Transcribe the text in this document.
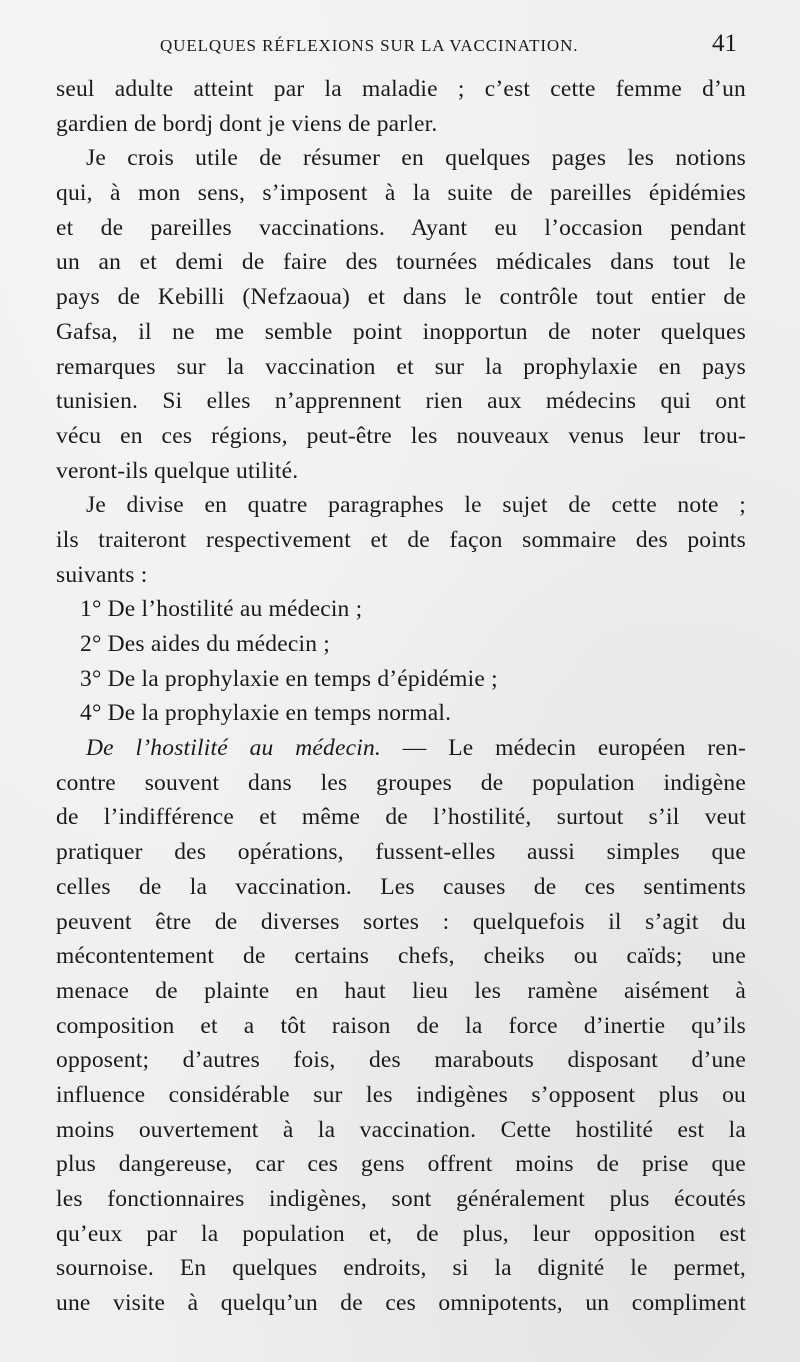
QUELQUES RÉFLEXIONS SUR LA VACCINATION.	41
seul adulte atteint par la maladie ; c’est cette femme d’un
gardien de bordj dont je viens de parler.
Je crois utile de résumer en quelques pages les notions
qui, à mon sens, s’imposent à la suite de pareilles épidémies
et de pareilles vaccinations. Ayant eu l’occasion pendant
un an et demi de faire des tournées médicales dans tout le
pays de Kebilli (Nefzaoua) et dans le contrôle tout entier de
Gafsa, il ne me semble point inopportun de noter quelques
remarques sur la vaccination et sur la prophylaxie en pays
tunisien. Si elles n’apprennent rien aux médecins qui ont
vécu en ces régions, peut-être les nouveaux venus leur trou-
veront-ils quelque utilité.
Je divise en quatre paragraphes le sujet de cette note ;
ils traiteront respectivement et de façon sommaire des points
suivants :
1° De l’hostilité au médecin ;
2° Des aides du médecin ;
3° De la prophylaxie en temps d’épidémie ;
4° De la prophylaxie en temps normal.
De l’hostilité au médecin. — Le médecin européen ren-
contre souvent dans les groupes de population indigène
de l’indifférence et même de l’hostilité, surtout s’il veut
pratiquer des opérations, fussent-elles aussi simples que
celles de la vaccination. Les causes de ces sentiments
peuvent être de diverses sortes : quelquefois il s’agit du
mécontentement de certains chefs, cheiks ou caïds; une
menace de plainte en haut lieu les ramène aisément à
composition et a tôt raison de la force d’inertie qu’ils
opposent; d’autres fois, des marabouts disposant d’une
influence considérable sur les indigènes s’opposent plus ou
moins ouvertement à la vaccination. Cette hostilité est la
plus dangereuse, car ces gens offrent moins de prise que
les fonctionnaires indigènes, sont généralement plus écoutés
qu’eux par la population et, de plus, leur opposition est
sournoise. En quelques endroits, si la dignité le permet,
une visite à quelqu’un de ces omnipotents, un compliment
